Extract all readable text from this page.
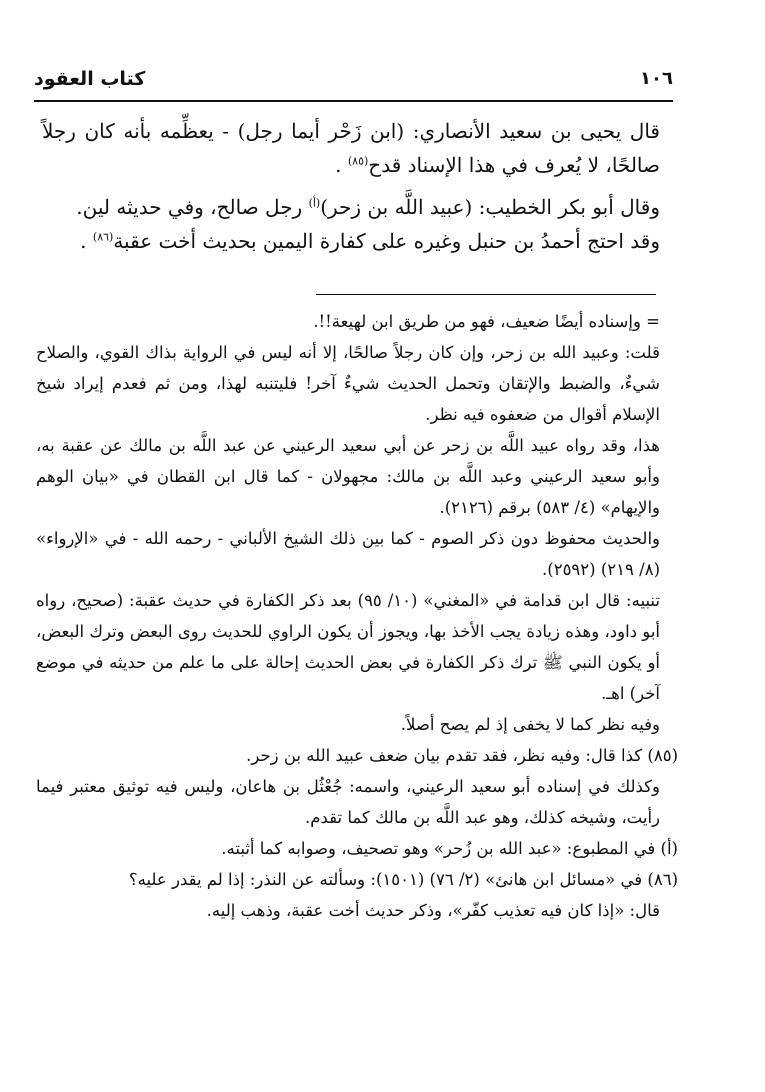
كتاب العقود	١٠٦

قال يحيى بن سعيد الأنصاري: (ابن زَحْر أيما رجل) - يعظِّمه بأنه كان رجلاً صالحًا، لا يُعرف في هذا الإسناد قدح$^{(٨٥)}$ .

وقال أبو بكر الخطيب: (عبيد اللَّه بن زحر)$^{(أ)}$ رجل صالح، وفي حديثه لين.

وقد احتج أحمدُ بن حنبل وغيره على كفارة اليمين بحديث أخت عقبة$^{(٨٦)}$ .

= وإسناده أيضًا ضعيف، فهو من طريق ابن لهيعة!!.

قلت: وعبيد الله بن زحر، وإن كان رجلاً صالحًا، إلا أنه ليس في الرواية بذاك القوي، والصلاح شيءٌ، والضبط والإتقان وتحمل الحديث شيءٌ آخر! فليتنبه لهذا، ومن ثم فعدم إيراد شيخ الإسلام أقوال من ضعفوه فيه نظر.

هذا، وقد رواه عبيد اللَّه بن زحر عن أبي سعيد الرعيني عن عبد اللَّه بن مالك عن عقبة به، وأبو سعيد الرعيني وعبد اللَّه بن مالك: مجهولان - كما قال ابن القطان في «بيان الوهم والإيهام» (٤/ ٥٨٣) برقم (٢١٢٦).

والحديث محفوظ دون ذكر الصوم - كما بين ذلك الشيخ الألباني - رحمه الله - في «الإرواء» (٨/ ٢١٩) (٢٥٩٢).

تنبيه: قال ابن قدامة في «المغني» (١٠/ ٩٥) بعد ذكر الكفارة في حديث عقبة: (صحيح، رواه أبو داود، وهذه زيادة يجب الأخذ بها، ويجوز أن يكون الراوي للحديث روى البعض وترك البعض، أو يكون النبي ﷺ ترك ذكر الكفارة في بعض الحديث إحالة على ما علم من حديثه في موضع آخر) اهـ.

وفيه نظر كما لا يخفى إذ لم يصح أصلاً.

(٨٥) كذا قال: وفيه نظر، فقد تقدم بيان ضعف عبيد الله بن زحر.

وكذلك في إسناده أبو سعيد الرعيني، واسمه: جُعْثُل بن هاعان، وليس فيه توثيق معتبر فيما رأيت، وشيخه كذلك، وهو عبد اللَّه بن مالك كما تقدم.

(أ) في المطبوع: «عبد الله بن زُحر» وهو تصحيف، وصوابه كما أثبته.

(٨٦) في «مسائل ابن هانئ» (٢/ ٧٦) (١٥٠١): وسألته عن النذر: إذا لم يقدر عليه؟

قال: «إذا كان فيه تعذيب كفّر»، وذكر حديث أخت عقبة، وذهب إليه.
